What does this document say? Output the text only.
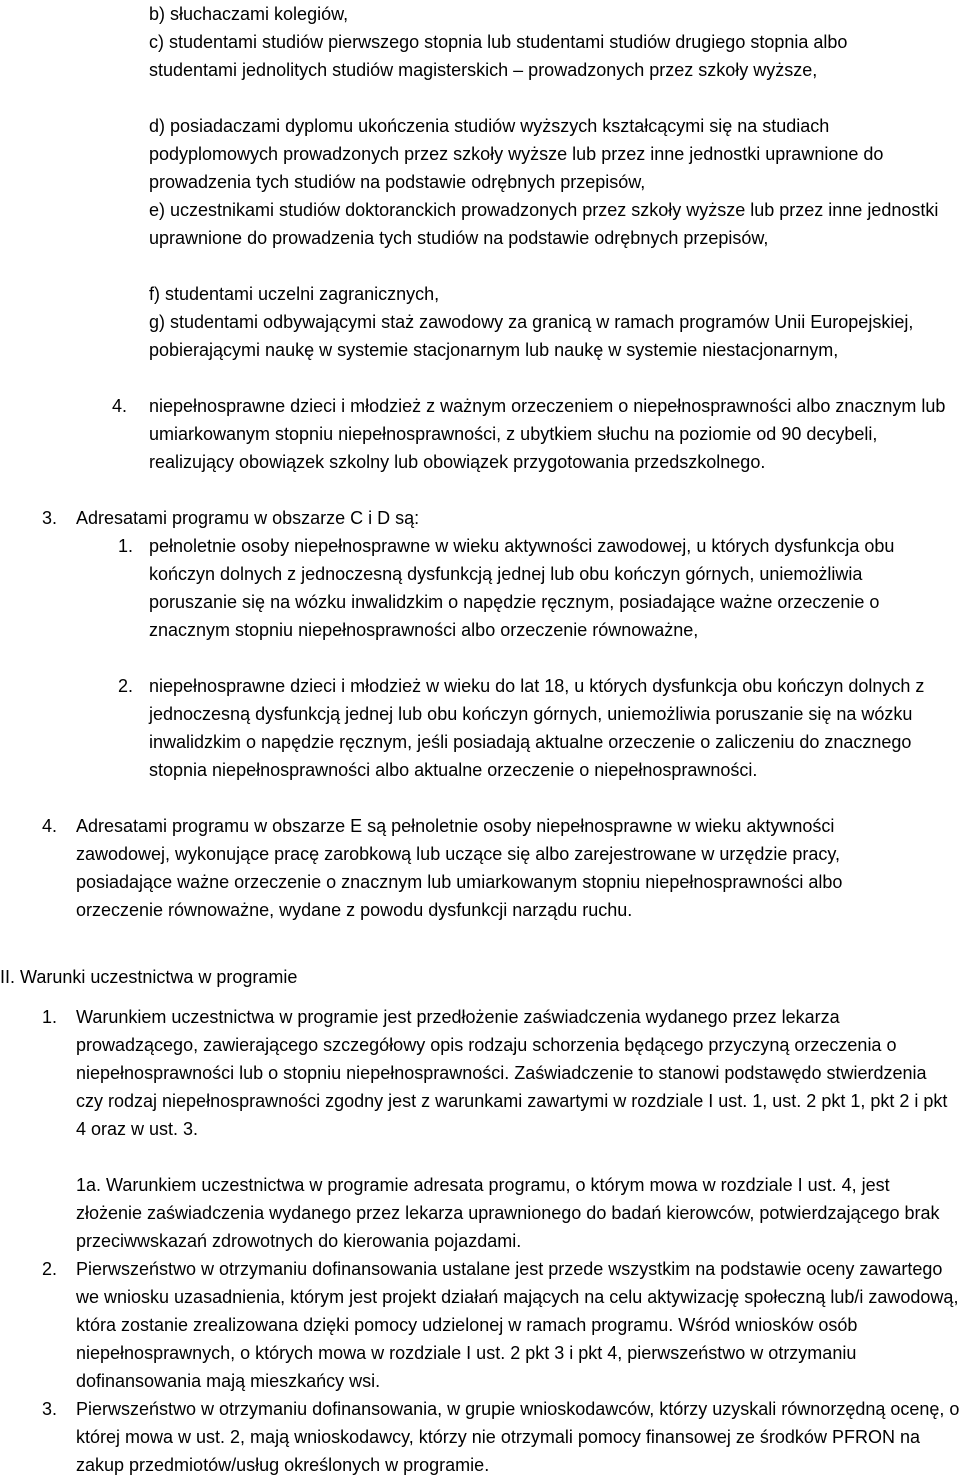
b) słuchaczami kolegiów,

c) studentami studiów pierwszego stopnia lub studentami studiów drugiego stopnia albo studentami jednolitych studiów magisterskich – prowadzonych przez szkoły wyższe,

d) posiadaczami dyplomu ukończenia studiów wyższych kształcącymi się na studiach podyplomowych prowadzonych przez szkoły wyższe lub przez inne jednostki uprawnione do prowadzenia tych studiów na podstawie odrębnych przepisów,

e) uczestnikami studiów doktoranckich prowadzonych przez szkoły wyższe lub przez inne jednostki uprawnione do prowadzenia tych studiów na podstawie odrębnych przepisów,

f) studentami uczelni zagranicznych,

g) studentami odbywającymi staż zawodowy za granicą w ramach programów Unii Europejskiej, pobierającymi naukę w systemie stacjonarnym lub naukę w systemie niestacjonarnym,

4. niepełnosprawne dzieci i młodzież z ważnym orzeczeniem o niepełnosprawności albo znacznym lub umiarkowanym stopniu niepełnosprawności, z ubytkiem słuchu na poziomie od 90 decybeli, realizujący obowiązek szkolny lub obowiązek przygotowania przedszkolnego.

3. Adresatami programu w obszarze C i D są:

1. pełnoletnie osoby niepełnosprawne w wieku aktywności zawodowej, u których dysfunkcja obu kończyn dolnych z jednoczesną dysfunkcją jednej lub obu kończyn górnych, uniemożliwia poruszanie się na wózku inwalidzkim o napędzie ręcznym, posiadające ważne orzeczenie o znacznym stopniu niepełnosprawności albo orzeczenie równoważne,

2. niepełnosprawne dzieci i młodzież w wieku do lat 18, u których dysfunkcja obu kończyn dolnych z jednoczesną dysfunkcją jednej lub obu kończyn górnych, uniemożliwia poruszanie się na wózku inwalidzkim o napędzie ręcznym, jeśli posiadają aktualne orzeczenie o zaliczeniu do znacznego stopnia niepełnosprawności albo aktualne orzeczenie o niepełnosprawności.

4. Adresatami programu w obszarze E są pełnoletnie osoby niepełnosprawne w wieku aktywności zawodowej, wykonujące pracę zarobkową lub uczące się albo zarejestrowane w urzędzie pracy, posiadające ważne orzeczenie o znacznym lub umiarkowanym stopniu niepełnosprawności albo orzeczenie równoważne, wydane z powodu dysfunkcji narządu ruchu.

II. Warunki uczestnictwa w programie

1. Warunkiem uczestnictwa w programie jest przedłożenie zaświadczenia wydanego przez lekarza prowadzącego, zawierającego szczegółowy opis rodzaju schorzenia będącego przyczyną orzeczenia o niepełnosprawności lub o stopniu niepełnosprawności. Zaświadczenie to stanowi podstawędo stwierdzenia czy rodzaj niepełnosprawności zgodny jest z warunkami zawartymi w rozdziale I ust. 1, ust. 2 pkt 1, pkt 2 i pkt 4 oraz w ust. 3.

1a. Warunkiem uczestnictwa w programie adresata programu, o którym mowa w rozdziale I ust. 4, jest złożenie zaświadczenia wydanego przez lekarza uprawnionego do badań kierowców, potwierdzającego brak przeciwwskazań zdrowotnych do kierowania pojazdami.

2. Pierwszeństwo w otrzymaniu dofinansowania ustalane jest przede wszystkim na podstawie oceny zawartego we wniosku uzasadnienia, którym jest projekt działań mających na celu aktywizację społeczną lub/i zawodową, która zostanie zrealizowana dzięki pomocy udzielonej w ramach programu. Wśród wniosków osób niepełnosprawnych, o których mowa w rozdziale I ust. 2 pkt 3 i pkt 4, pierwszeństwo w otrzymaniu dofinansowania mają mieszkańcy wsi.

3. Pierwszeństwo w otrzymaniu dofinansowania, w grupie wnioskodawców, którzy uzyskali równorzędną ocenę, o której mowa w ust. 2, mają wnioskodawcy, którzy nie otrzymali pomocy finansowej ze środków PFRON na zakup przedmiotów/usług określonych w programie.
